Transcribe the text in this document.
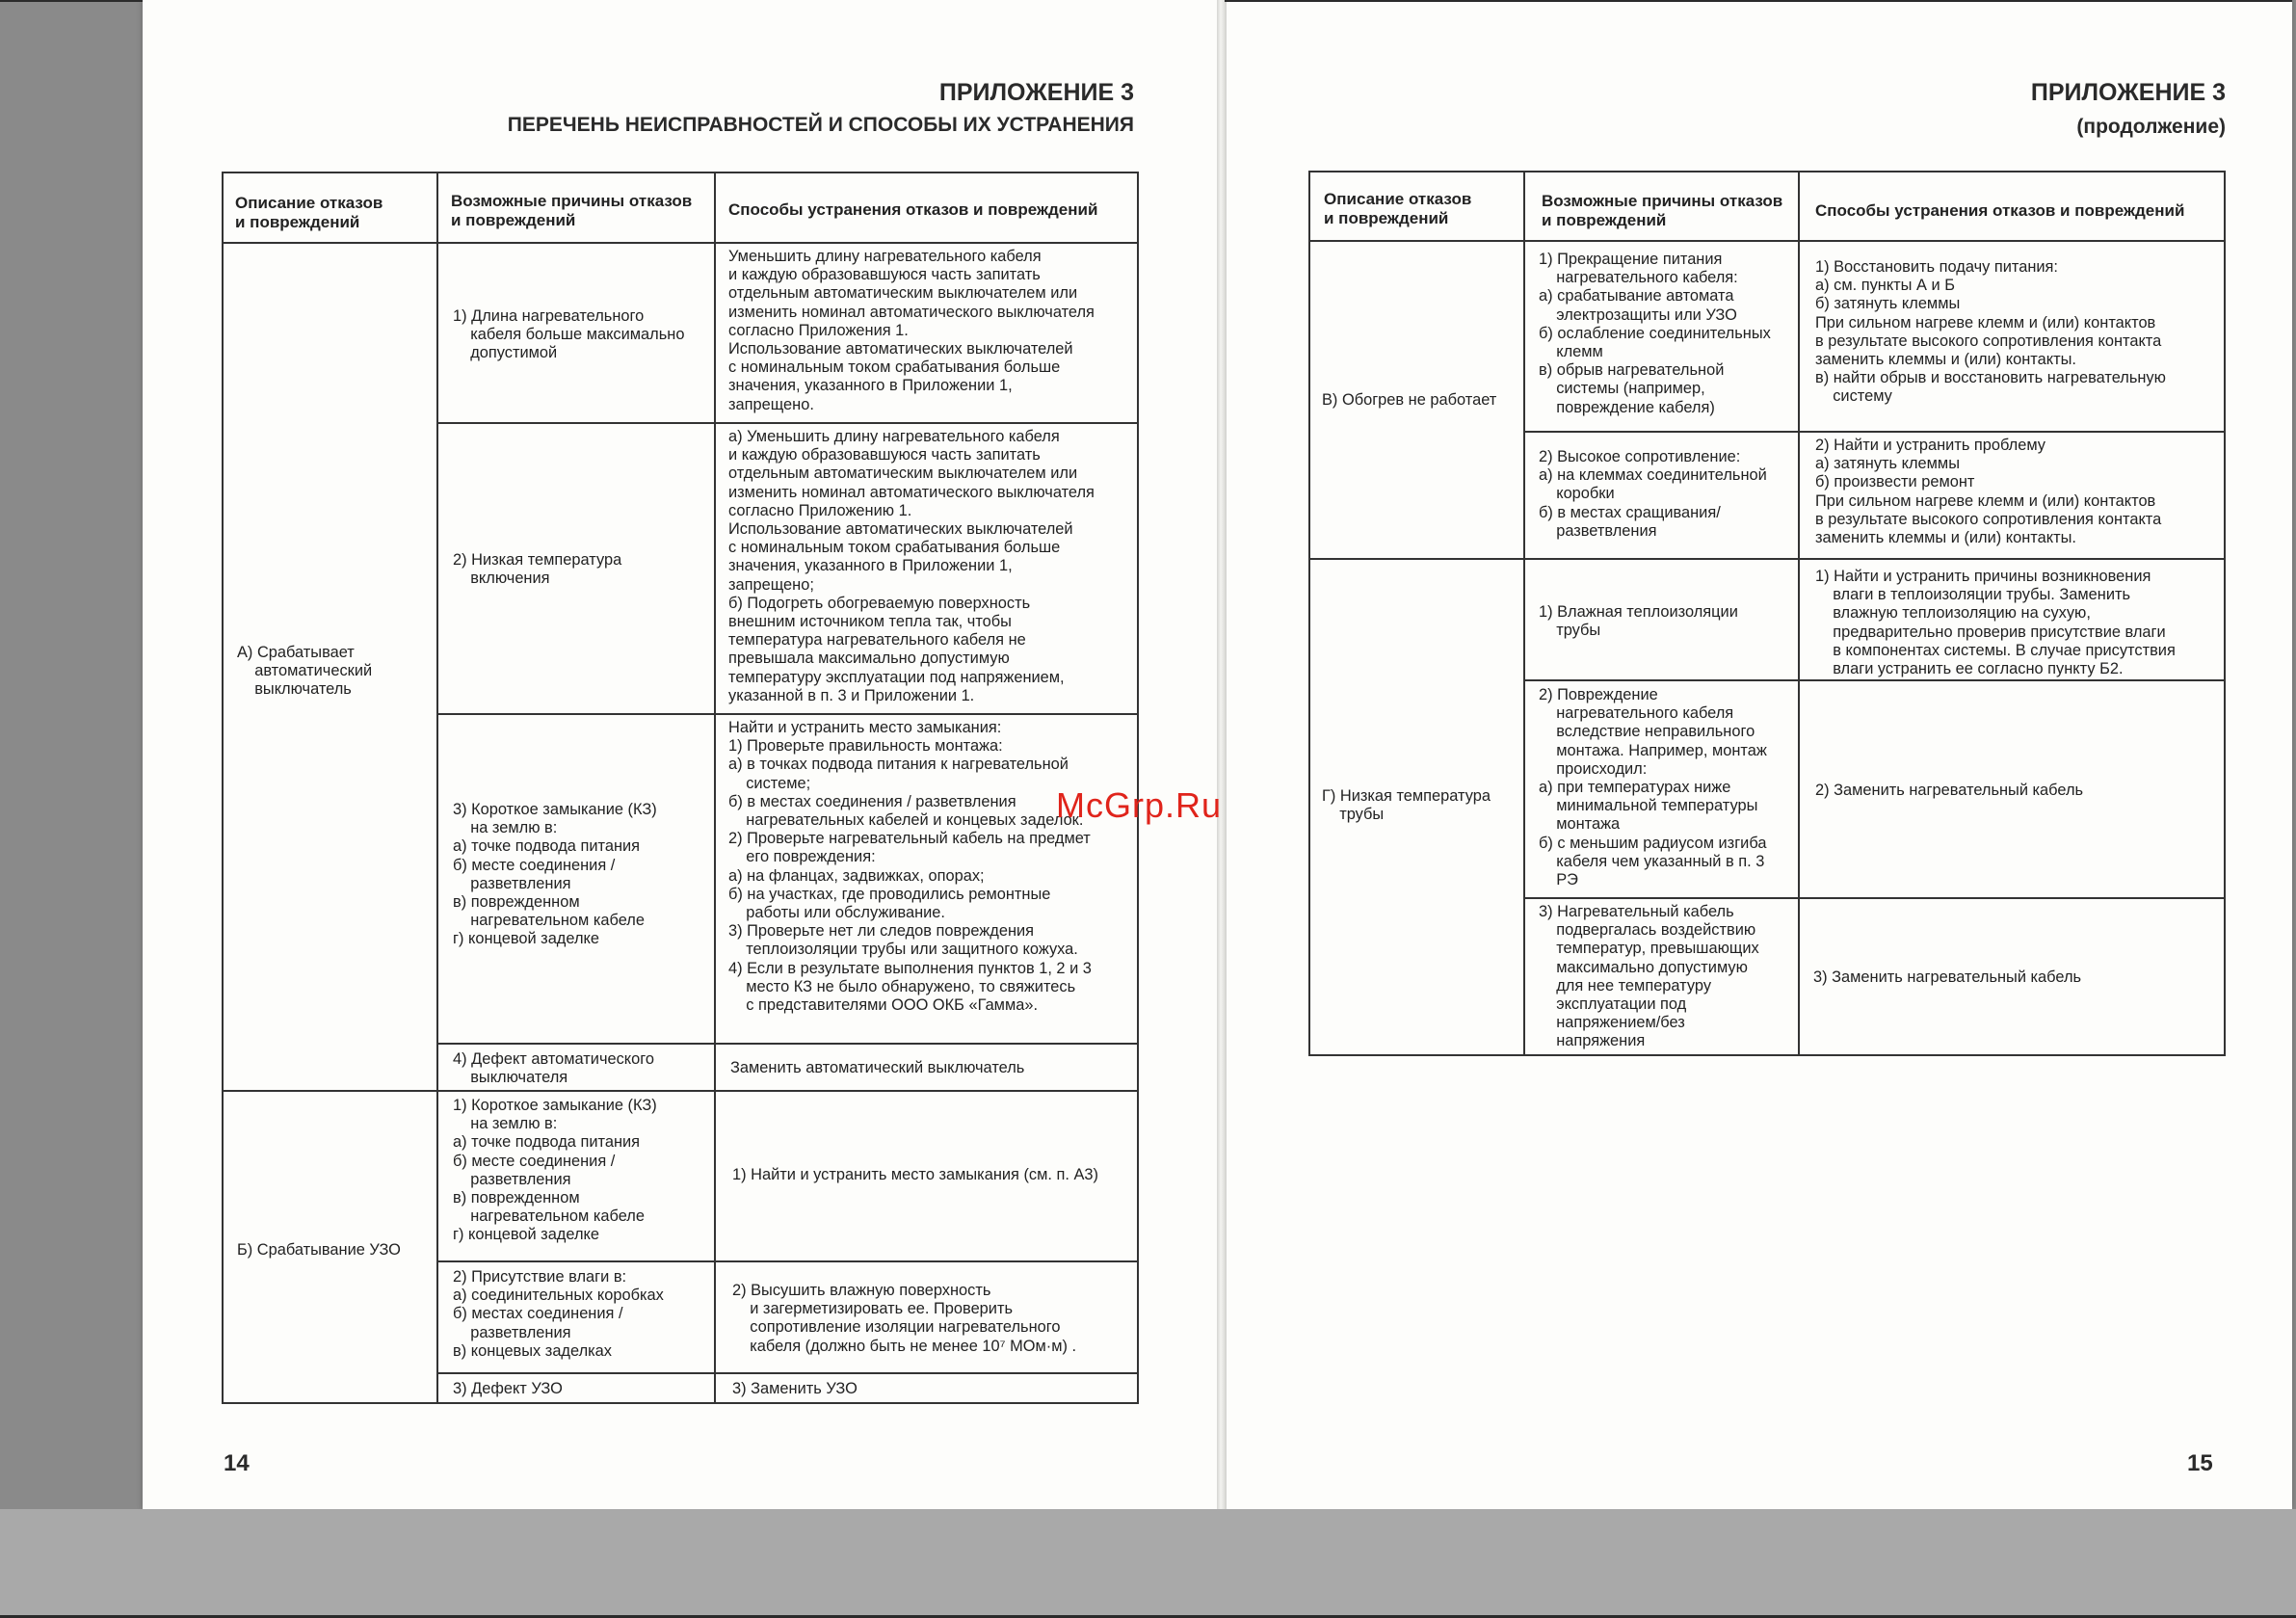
ПРИЛОЖЕНИЕ 3
ПЕРЕЧЕНЬ НЕИСПРАВНОСТЕЙ И СПОСОБЫ ИХ УСТРАНЕНИЯ
Описание отказов
и повреждений
Возможные причины отказов
и повреждений
Способы устранения отказов и повреждений
А) Срабатывает
автоматический
выключатель
1) Длина нагревательного
кабеля больше максимально
допустимой
Уменьшить длину нагревательного кабеля
и каждую образовавшуюся часть запитать
отдельным автоматическим выключателем или
изменить номинал автоматического выключателя
согласно Приложения 1.
Использование автоматических выключателей
с номинальным током срабатывания больше
значения, указанного в Приложении 1,
запрещено.
2) Низкая температура
включения
а) Уменьшить длину нагревательного кабеля
и каждую образовавшуюся часть запитать
отдельным автоматическим выключателем или
изменить номинал автоматического выключателя
согласно Приложению 1.
Использование автоматических выключателей
с номинальным током срабатывания больше
значения, указанного в Приложении 1,
запрещено;
б) Подогреть обогреваемую поверхность
внешним источником тепла так, чтобы
температура нагревательного кабеля не
превышала максимально допустимую
температуру эксплуатации под напряжением,
указанной в п. 3 и Приложении 1.
3) Короткое замыкание (КЗ)
на землю в:
а) точке подвода питания
б) месте соединения /
разветвления
в) поврежденном
нагревательном кабеле
г) концевой заделке
Найти и устранить место замыкания:
1) Проверьте правильность монтажа:
а) в точках подвода питания к нагревательной
системе;
б) в местах соединения / разветвления
нагревательных кабелей и концевых заделок.
2) Проверьте нагревательный кабель на предмет
его повреждения:
а) на фланцах, задвижках, опорах;
б) на участках, где проводились ремонтные
работы или обслуживание.
3) Проверьте нет ли следов повреждения
теплоизоляции трубы или защитного кожуха.
4) Если в результате выполнения пунктов 1, 2 и 3
место КЗ не было обнаружено, то свяжитесь
с представителями ООО ОКБ «Гамма».
4) Дефект автоматического
выключателя
Заменить автоматический выключатель
Б) Срабатывание УЗО
1) Короткое замыкание (КЗ)
на землю в:
а) точке подвода питания
б) месте соединения /
разветвления
в) поврежденном
нагревательном кабеле
г) концевой заделке
1) Найти и устранить место замыкания (см. п. А3)
2) Присутствие влаги в:
а) соединительных коробках
б) местах соединения /
разветвления
в) концевых заделках
2) Высушить влажную поверхность
и загерметизировать ее. Проверить
сопротивление изоляции нагревательного
кабеля (должно быть не менее 10⁷ МОм·м) .
3) Дефект УЗО	3) Заменить УЗО
14
ПРИЛОЖЕНИЕ 3
(продолжение)
Описание отказов
и повреждений
Возможные причины отказов
и повреждений
Способы устранения отказов и повреждений
В) Обогрев не работает
1) Прекращение питания
нагревательного кабеля:
а) срабатывание автомата
электрозащиты или УЗО
б) ослабление соединительных
клемм
в) обрыв нагревательной
системы (например,
повреждение кабеля)
1) Восстановить подачу питания:
а) см. пункты А и Б
б) затянуть клеммы
При сильном нагреве клемм и (или) контактов
в результате высокого сопротивления контакта
заменить клеммы и (или) контакты.
в) найти обрыв и восстановить нагревательную
систему
2) Высокое сопротивление:
а) на клеммах соединительной
коробки
б) в местах сращивания/
разветвления
2) Найти и устранить проблему
а) затянуть клеммы
б) произвести ремонт
При сильном нагреве клемм и (или) контактов
в результате высокого сопротивления контакта
заменить клеммы и (или) контакты.
Г) Низкая температура
трубы
1) Влажная теплоизоляции
трубы
1) Найти и устранить причины возникновения
влаги в теплоизоляции трубы. Заменить
влажную теплоизоляцию на сухую,
предварительно проверив присутствие влаги
в компонентах системы. В случае присутствия
влаги устранить ее согласно пункту Б2.
2) Повреждение
нагревательного кабеля
вследствие неправильного
монтажа. Например, монтаж
происходил:
а) при температурах ниже
минимальной температуры
монтажа
б) с меньшим радиусом изгиба
кабеля чем указанный в п. 3
РЭ
2) Заменить нагревательный кабель
3) Нагревательный кабель
подвергалась воздействию
температур, превышающих
максимально допустимую
для нее температуру
эксплуатации под
напряжением/без
напряжения
3) Заменить нагревательный кабель
15
McGrp.Ru
